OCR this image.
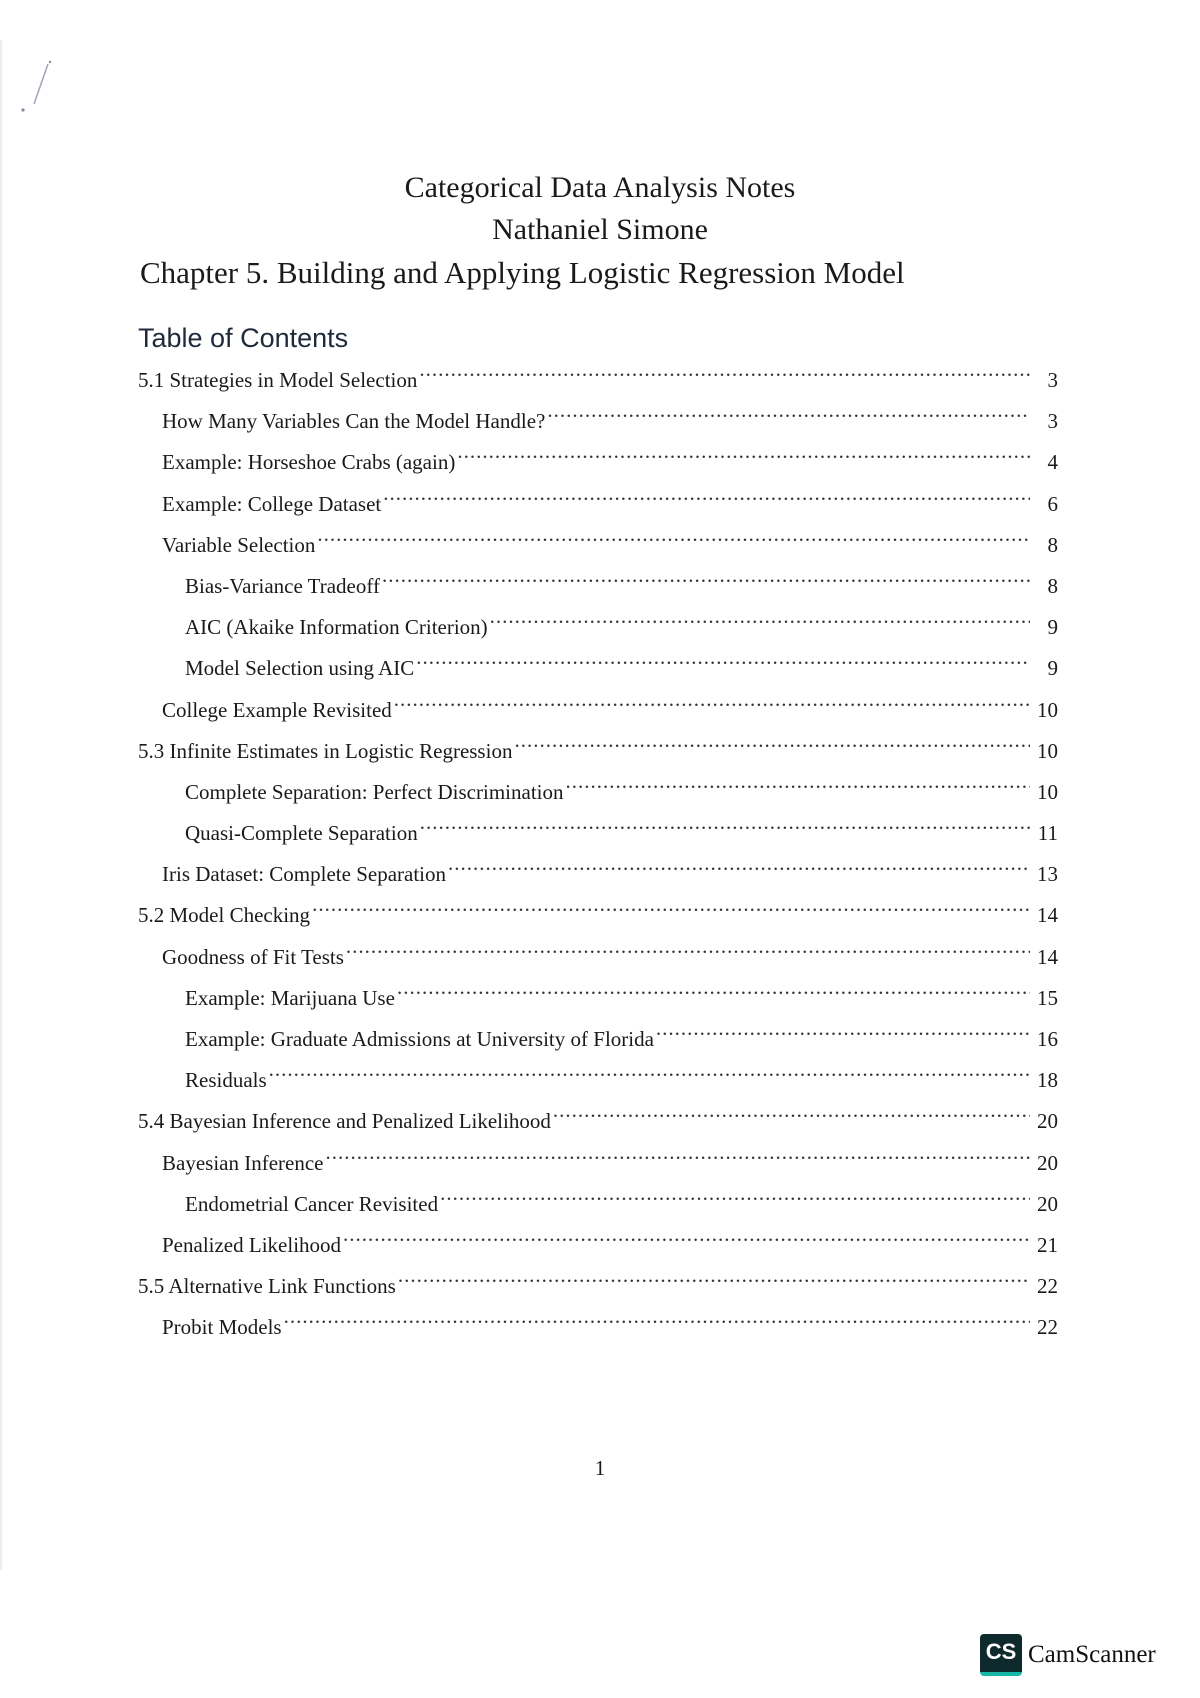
Categorical Data Analysis Notes
Nathaniel Simone
Chapter 5. Building and Applying Logistic Regression Model
Table of Contents
5.1 Strategies in Model Selection .....	3
How Many Variables Can the Model Handle? .....	3
Example: Horseshoe Crabs (again) .....	4
Example: College Dataset .....	6
Variable Selection .....	8
Bias-Variance Tradeoff .....	8
AIC (Akaike Information Criterion) .....	9
Model Selection using AIC .....	9
College Example Revisited .....	10
5.3 Infinite Estimates in Logistic Regression .....	10
Complete Separation: Perfect Discrimination .....	10
Quasi-Complete Separation .....	11
Iris Dataset: Complete Separation .....	13
5.2 Model Checking .....	14
Goodness of Fit Tests .....	14
Example: Marijuana Use .....	15
Example: Graduate Admissions at University of Florida .....	16
Residuals .....	18
5.4 Bayesian Inference and Penalized Likelihood .....	20
Bayesian Inference .....	20
Endometrial Cancer Revisited .....	20
Penalized Likelihood .....	21
5.5 Alternative Link Functions .....	22
Probit Models .....	22
1
CS CamScanner
